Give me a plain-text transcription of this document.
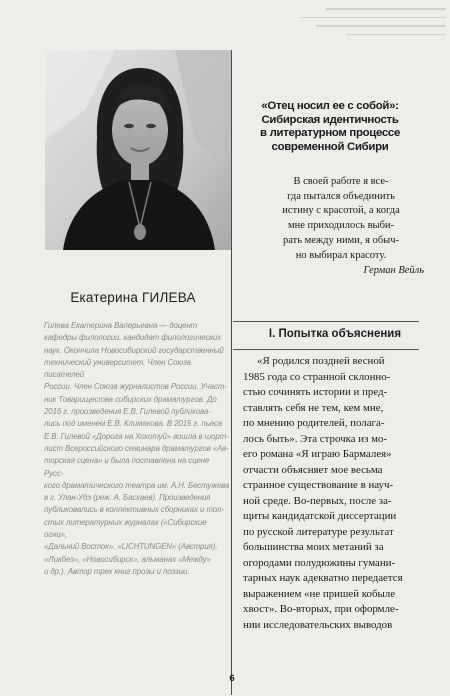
Екатерина ГИЛЕВА

Гилева Екатерина Валерьевна — доцент
кафедры филологии, кандидат филологических
наук. Окончила Новосибирский государственный
технический университет. Член Союза писателей
России. Член Союза журналистов России. Участ-
ник Товарищества сибирских драматургов. До
2016 г. произведения Е.В. Гилевой публикова-
лись под именем Е.В. Климакова. В 2015 г. пьеса
Е.В. Гилевой «Дорога на Хохотуй» вошла в шорт-
лист Всероссийского семинара драматургов «Ав-
торская сцена» и была поставлена на сцене Русс-
кого драматического театра им. А.Н. Бестужева
в г. Улан-Удэ (реж. А. Басхаев). Произведения
публиковались в коллективных сборниках и тол-
стых литературных журналах («Сибирские огни»,
«Дальний Восток», «LICHTUNGEN» (Австрия),
«Ликбез», «Новосибирск», альманах «Между»
и др.). Автор трех книг прозы и поэзии.

«Отец носил ее с собой»:
Сибирская идентичность
в литературном процессе
современной Сибири

В своей работе я все-
гда пытался объединить
истину с красотой, а когда
мне приходилось выби-
рать между ними, я обыч-
но выбирал красоту.

Герман Вейль

I. Попытка объяснения

«Я родился поздней весной
1985 года со странной склонно-
стью сочинять истории и пред-
ставлять себя не тем, кем мне,
по мнению родителей, полага-
лось быть». Эта строчка из мо-
его романа «Я играю Бармалея»
отчасти объясняет мое весьма
странное существование в науч-
ной среде. Во-первых, после за-
щиты кандидатской диссертации
по русской литературе результат
большинства моих метаний за
огородами полудюжины гумани-
тарных наук адекватно передается
выражением «не пришей кобыле
хвост». Во-вторых, при оформле-
нии исследовательских выводов

6
